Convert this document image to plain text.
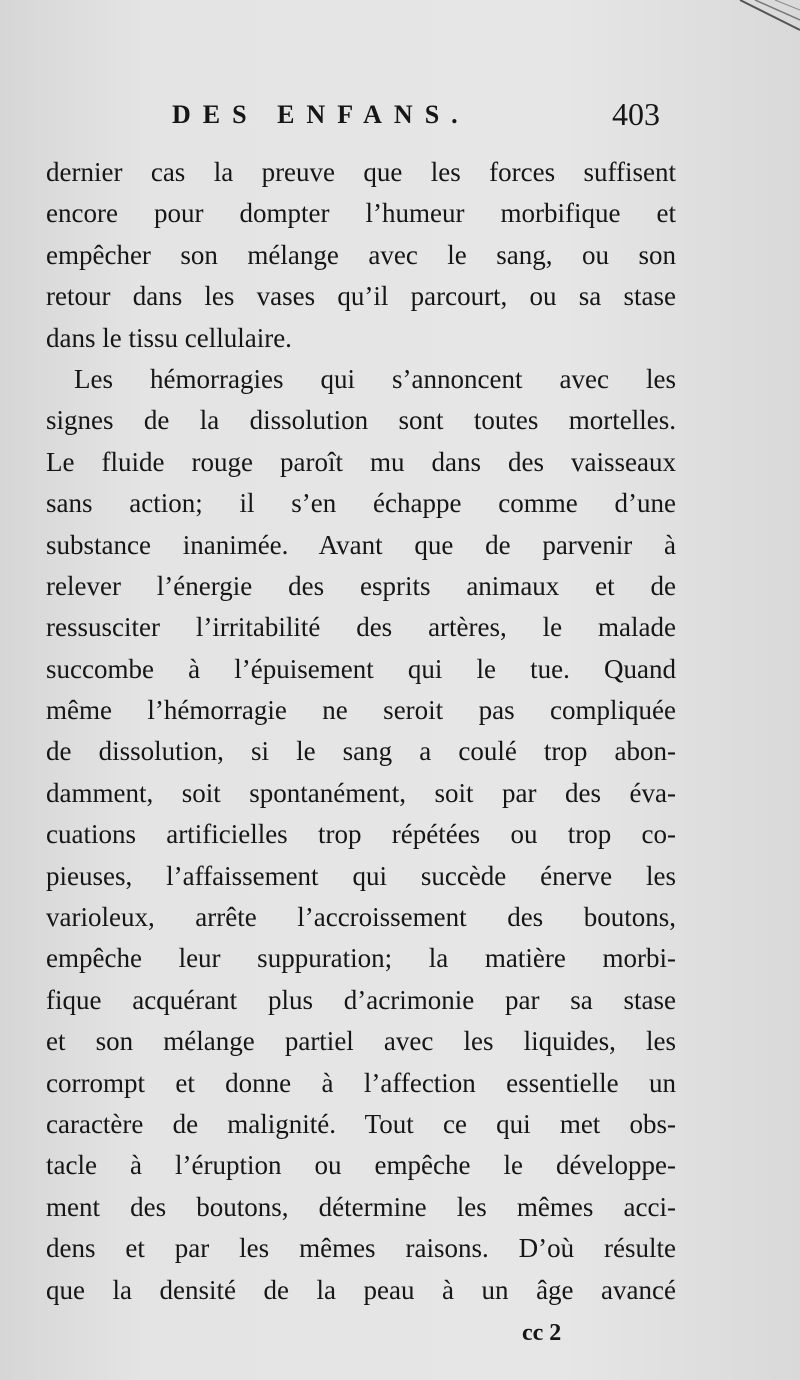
DES ENFANS.	403
dernier cas la preuve que les forces suffisent
encore pour dompter l’humeur morbifique et
empêcher son mélange avec le sang, ou son
retour dans les vases qu’il parcourt, ou sa stase
dans le tissu cellulaire.
Les hémorragies qui s’annoncent avec les
signes de la dissolution sont toutes mortelles.
Le fluide rouge paroît mu dans des vaisseaux
sans action; il s’en échappe comme d’une
substance inanimée. Avant que de parvenir à
relever l’énergie des esprits animaux et de
ressusciter l’irritabilité des artères, le malade
succombe à l’épuisement qui le tue. Quand
même l’hémorragie ne seroit pas compliquée
de dissolution, si le sang a coulé trop abon-
damment, soit spontanément, soit par des éva-
cuations artificielles trop répétées ou trop co-
pieuses, l’affaissement qui succède énerve les
varioleux, arrête l’accroissement des boutons,
empêche leur suppuration; la matière morbi-
fique acquérant plus d’acrimonie par sa stase
et son mélange partiel avec les liquides, les
corrompt et donne à l’affection essentielle un
caractère de malignité. Tout ce qui met obs-
tacle à l’éruption ou empêche le développe-
ment des boutons, détermine les mêmes acci-
dens et par les mêmes raisons. D’où résulte
que la densité de la peau à un âge avancé
cc 2
